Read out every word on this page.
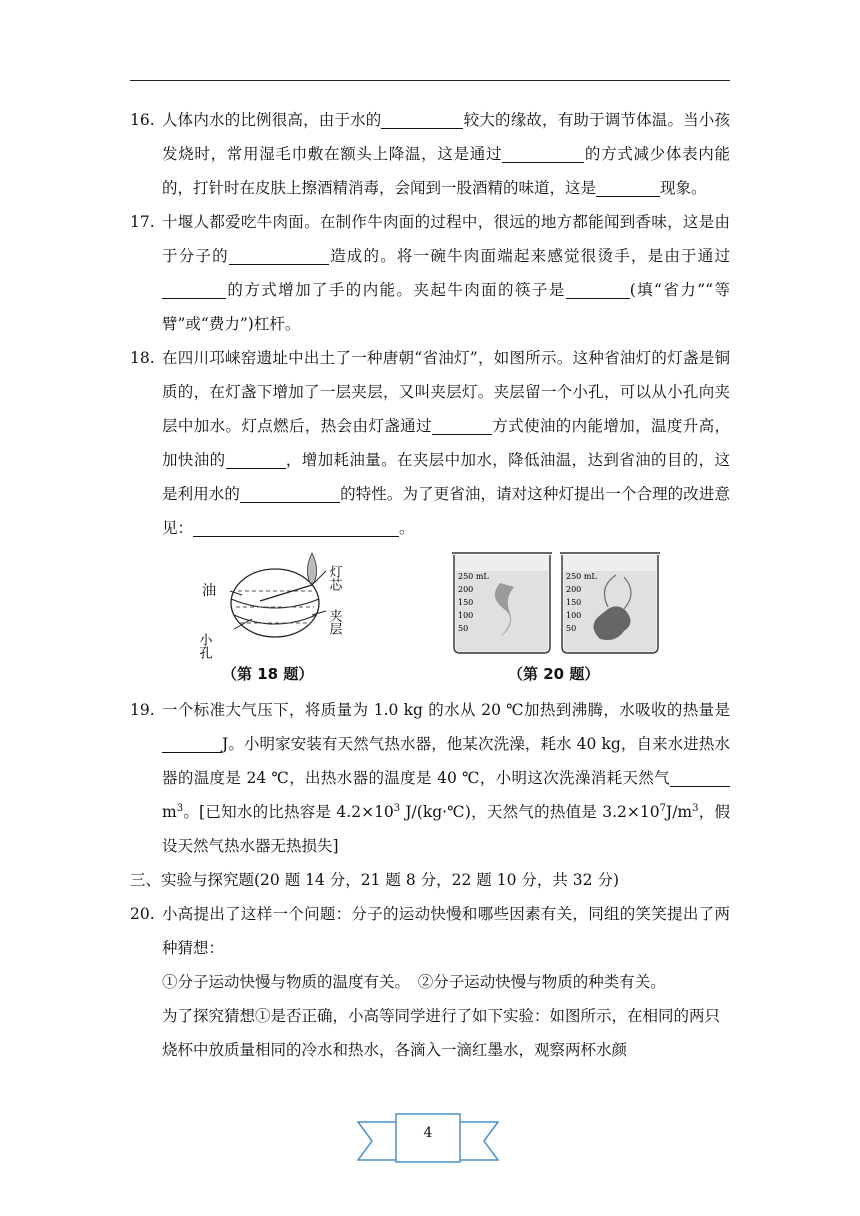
16. 人体内水的比例很高，由于水的	较大的缘故，有助于调节体温。当小孩发烧时，常用湿毛巾敷在额头上降温，这是通过	的方式减少体表内能的，打针时在皮肤上擦酒精消毒，会闻到一股酒精的味道，这是	现象。
17. 十堰人都爱吃牛肉面。在制作牛肉面的过程中，很远的地方都能闻到香味，这是由于分子的	造成的。将一碗牛肉面端起来感觉很烫手，是由于通过的方式增加了手的内能。夹起牛肉面的筷子是	(填“省力”“等臂”或“费力”)杠杆。
18. 在四川邛崃窑遗址中出土了一种唐朝“省油灯”，如图所示。这种省油灯的灯盏是铜质的，在灯盏下增加了一层夹层，又叫夹层灯。夹层留一个小孔，可以从小孔向夹层中加水。灯点燃后，热会由灯盏通过	方式使油的内能增加，温度升高，加快油的	，增加耗油量。在夹层中加水，降低油温，达到省油的目的，这是利用水的	的特性。为了更省油，请对这种灯提出一个合理的改进意见：	。
油
小孔
灯芯
夹层
250 mL
200
150
100
50
250 mL
200
150
100
50
（第 18 题）	（第 20 题）
19. 一个标准大气压下，将质量为 1.0 kg 的水从 20 ℃加热到沸腾，水吸收的热量是J。小明家安装有天然气热水器，他某次洗澡，耗水 40 kg，自来水进热水器的温度是 24 ℃，出热水器的温度是 40 ℃，小明这次洗澡消耗天然气$m^3$。[已知水的比热容是 $4.2\times 10^3$ J/(kg·℃)，天然气的热值是 $3.2\times 10^7J/m^3$，假设天然气热水器无热损失]
三、实验与探究题(20 题 14 分，21 题 8 分，22 题 10 分，共 32 分)
20. 小高提出了这样一个问题：分子的运动快慢和哪些因素有关，同组的笑笑提出了两种猜想：
①分子运动快慢与物质的温度有关。　②分子运动快慢与物质的种类有关。
为了探究猜想①是否正确，小高等同学进行了如下实验：如图所示，在相同的两只烧杯中放质量相同的冷水和热水，各滴入一滴红墨水，观察两杯水颜
4
